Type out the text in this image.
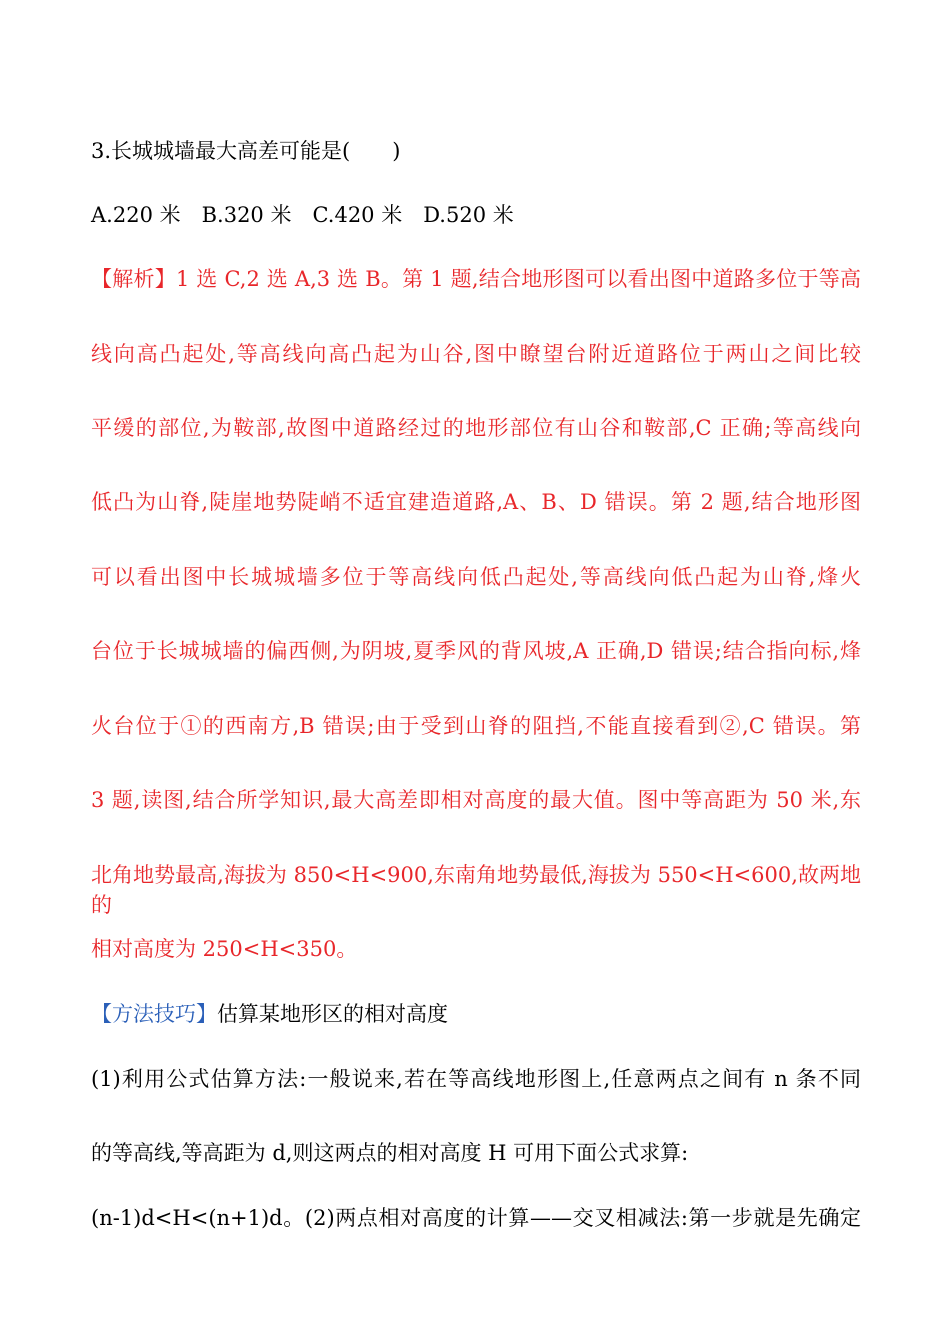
3.长城城墙最大高差可能是(　　)
A.220 米　B.320 米　C.420 米　D.520 米
【解析】1 选 C,2 选 A,3 选 B。第 1 题,结合地形图可以看出图中道路多位于等高
线向高凸起处,等高线向高凸起为山谷,图中瞭望台附近道路位于两山之间比较
平缓的部位,为鞍部,故图中道路经过的地形部位有山谷和鞍部,C 正确;等高线向
低凸为山脊,陡崖地势陡峭不适宜建造道路,A、B、D 错误。第 2 题,结合地形图
可以看出图中长城城墙多位于等高线向低凸起处,等高线向低凸起为山脊,烽火
台位于长城城墙的偏西侧,为阴坡,夏季风的背风坡,A 正确,D 错误;结合指向标,烽
火台位于①的西南方,B 错误;由于受到山脊的阻挡,不能直接看到②,C 错误。第
3 题,读图,结合所学知识,最大高差即相对高度的最大值。图中等高距为 50 米,东
北角地势最高,海拔为 850<H<900,东南角地势最低,海拔为 550<H<600,故两地的
相对高度为 250<H<350。
【方法技巧】估算某地形区的相对高度
(1)利用公式估算方法:一般说来,若在等高线地形图上,任意两点之间有 n 条不同
的等高线,等高距为 d,则这两点的相对高度 H 可用下面公式求算:
(n-1)d<H<(n+1)d。(2)两点相对高度的计算——交叉相减法:第一步就是先确定
